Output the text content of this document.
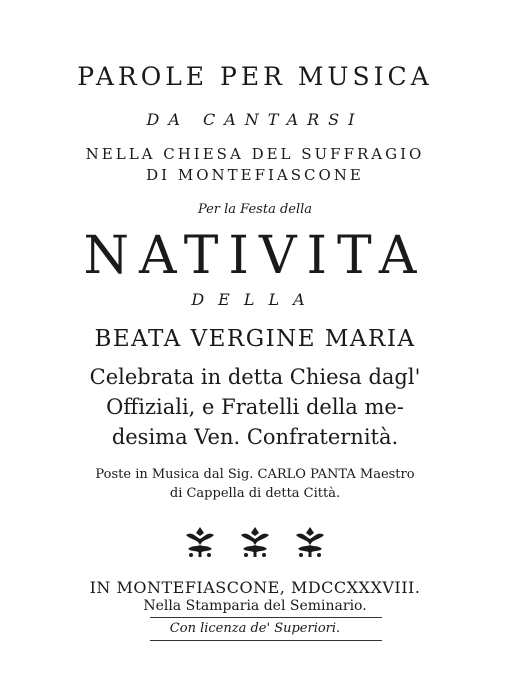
PAROLE PER MUSICA
DA CANTARSI
NELLA CHIESA DEL SUFFRAGIO
DI MONTEFIASCONE
Per la Festa della
NATIVITA
DELLA
BEATA VERGINE MARIA
Celebrata in detta Chiesa dagl'
Offiziali, e Fratelli della me-
desima Ven. Confraternità.
Poste in Musica dal Sig. CARLO PANTA Maestro
di Cappella di detta Città.

IN MONTEFIASCONE, MDCCXXXVIII.
Nella Stamparia del Seminario.
Con licenza de' Superiori.
